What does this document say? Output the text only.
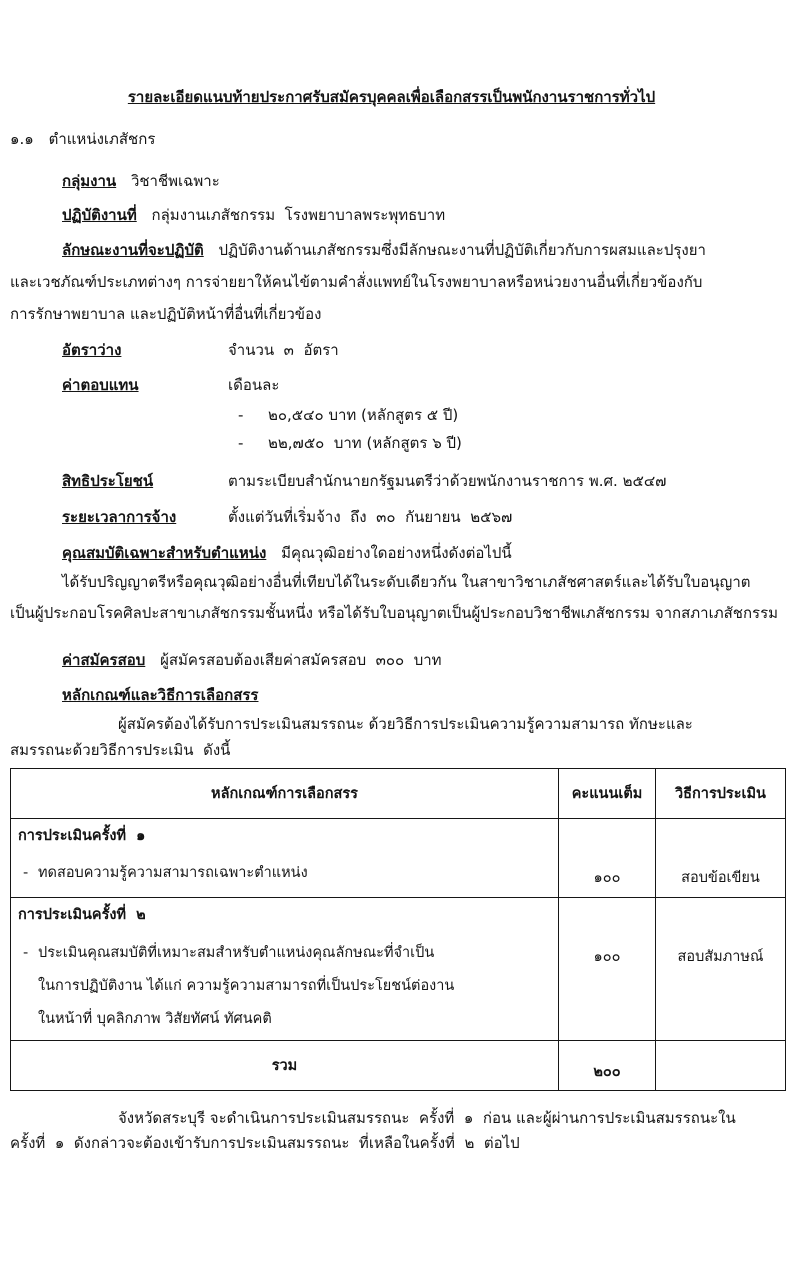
รายละเอียดแนบท้ายประกาศรับสมัครบุคคลเพื่อเลือกสรรเป็นพนักงานราชการทั่วไป
๑.๑ ตำแหน่งเภสัชกร
กลุ่มงาน วิชาชีพเฉพาะ
ปฏิบัติงานที่ กลุ่มงานเภสัชกรรม  โรงพยาบาลพระพุทธบาท
ลักษณะงานที่จะปฏิบัติ ปฏิบัติงานด้านเภสัชกรรมซึ่งมีลักษณะงานที่ปฏิบัติเกี่ยวกับการผสมและปรุงยา
และเวชภัณฑ์ประเภทต่างๆ การจ่ายยาให้คนไข้ตามคำสั่งแพทย์ในโรงพยาบาลหรือหน่วยงานอื่นที่เกี่ยวข้องกับ
การรักษาพยาบาล และปฏิบัติหน้าที่อื่นที่เกี่ยวข้อง
อัตราว่าง	จำนวน  ๓  อัตรา
ค่าตอบแทน	เดือนละ
-	๒๐,๕๔๐ บาท (หลักสูตร ๕ ปี)
-	๒๒,๗๕๐  บาท (หลักสูตร ๖ ปี)
สิทธิประโยชน์	ตามระเบียบสำนักนายกรัฐมนตรีว่าด้วยพนักงานราชการ พ.ศ. ๒๕๔๗
ระยะเวลาการจ้าง	ตั้งแต่วันที่เริ่มจ้าง  ถึง  ๓๐  กันยายน  ๒๕๖๗
คุณสมบัติเฉพาะสำหรับตำแหน่ง มีคุณวุฒิอย่างใดอย่างหนึ่งดังต่อไปนี้
ได้รับปริญญาตรีหรือคุณวุฒิอย่างอื่นที่เทียบได้ในระดับเดียวกัน ในสาขาวิชาเภสัชศาสตร์และได้รับใบอนุญาต
เป็นผู้ประกอบโรคศิลปะสาขาเภสัชกรรมชั้นหนึ่ง หรือได้รับใบอนุญาตเป็นผู้ประกอบวิชาชีพเภสัชกรรม จากสภาเภสัชกรรม
ค่าสมัครสอบ ผู้สมัครสอบต้องเสียค่าสมัครสอบ  ๓๐๐  บาท
หลักเกณฑ์และวิธีการเลือกสรร
ผู้สมัครต้องได้รับการประเมินสมรรถนะ ด้วยวิธีการประเมินความรู้ความสามารถ ทักษะและ
สมรรถนะด้วยวิธีการประเมิน  ดังนี้
หลักเกณฑ์การเลือกสรร	คะแนนเต็ม	วิธีการประเมิน

การประเมินครั้งที่  ๑
- ทดสอบความรู้ความสามารถเฉพาะตำแหน่ง	๑๐๐	สอบข้อเขียน

การประเมินครั้งที่  ๒
- ประเมินคุณสมบัติที่เหมาะสมสำหรับตำแหน่งคุณลักษณะที่จำเป็น
ในการปฏิบัติงาน ได้แก่ ความรู้ความสามารถที่เป็นประโยชน์ต่องาน
ในหน้าที่ บุคลิกภาพ วิสัยทัศน์ ทัศนคติ	๑๐๐	สอบสัมภาษณ์
รวม	๒๐๐	
จังหวัดสระบุรี จะดำเนินการประเมินสมรรถนะ  ครั้งที่  ๑  ก่อน และผู้ผ่านการประเมินสมรรถนะใน
ครั้งที่  ๑  ดังกล่าวจะต้องเข้ารับการประเมินสมรรถนะ  ที่เหลือในครั้งที่  ๒  ต่อไป
